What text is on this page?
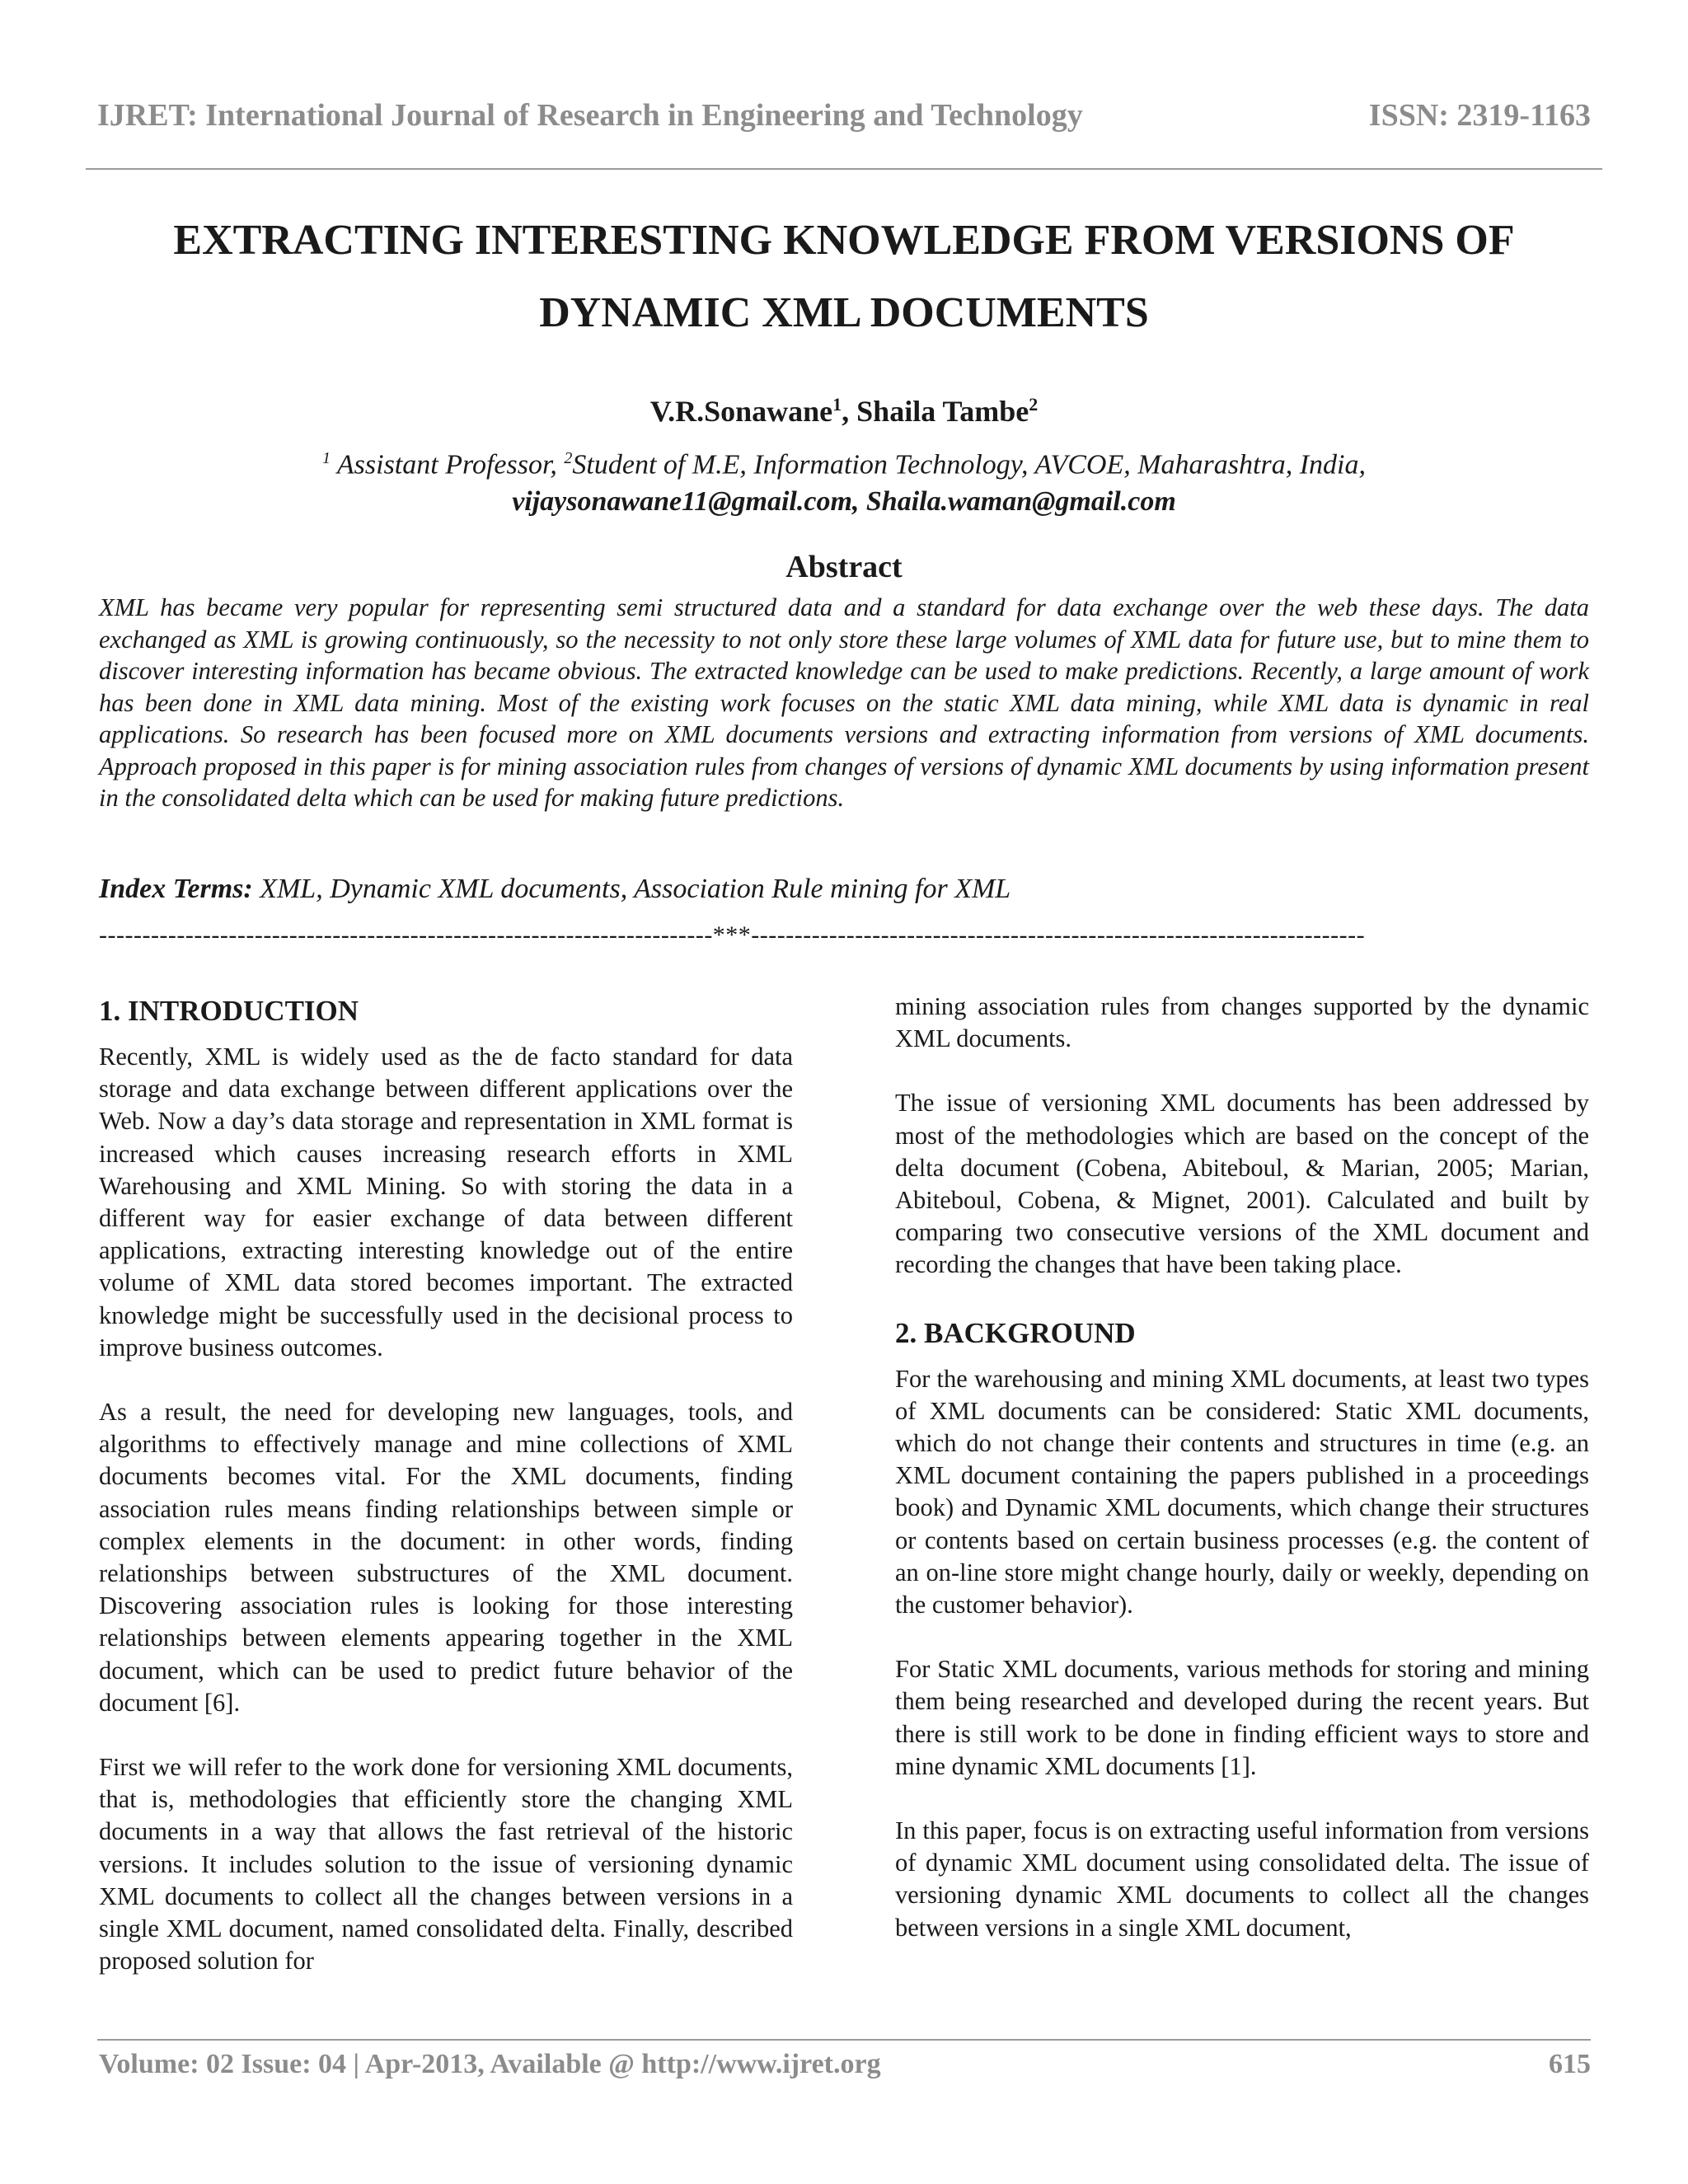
IJRET: International Journal of Research in Engineering and Technology	ISSN: 2319-1163
EXTRACTING INTERESTING KNOWLEDGE FROM VERSIONS OF
DYNAMIC XML DOCUMENTS
V.R.Sonawane$^1$, Shaila Tambe$^2$
$^1$ Assistant Professor, $^2$Student of M.E, Information Technology, AVCOE, Maharashtra, India,
vijaysonawane11@gmail.com, Shaila.waman@gmail.com
Abstract

XML has became very popular for representing semi structured data and a standard for data exchange over the web these days. The data exchanged as XML is growing continuously, so the necessity to not only store these large volumes of XML data for future use, but to mine them to discover interesting information has became obvious. The extracted knowledge can be used to make predictions. Recently, a large amount of work has been done in XML data mining. Most of the existing work focuses on the static XML data mining, while XML data is dynamic in real applications. So research has been focused more on XML documents versions and extracting information from versions of XML documents. Approach proposed in this paper is for mining association rules from changes of versions of dynamic XML documents by using information present in the consolidated delta which can be used for making future predictions.

Index Terms: XML, Dynamic XML documents, Association Rule mining for XML
-----------------------------------------------------------------------***-----------------------------------------------------------------------
1. INTRODUCTION

Recently, XML is widely used as the de facto standard for data storage and data exchange between different applications over the Web. Now a day’s data storage and representation in XML format is increased which causes increasing research efforts in XML Warehousing and XML Mining. So with storing the data in a different way for easier exchange of data between different applications, extracting interesting knowledge out of the entire volume of XML data stored becomes important. The extracted knowledge might be successfully used in the decisional process to improve business outcomes.

As a result, the need for developing new languages, tools, and algorithms to effectively manage and mine collections of XML documents becomes vital. For the XML documents, finding association rules means finding relationships between simple or complex elements in the document: in other words, finding relationships between substructures of the XML document. Discovering association rules is looking for those interesting relationships between elements appearing together in the XML document, which can be used to predict future behavior of the document [6].

First we will refer to the work done for versioning XML documents, that is, methodologies that efficiently store the changing XML documents in a way that allows the fast retrieval of the historic versions. It includes solution to the issue of versioning dynamic XML documents to collect all the changes between versions in a single XML document, named consolidated delta. Finally, described proposed solution for

mining association rules from changes supported by the dynamic XML documents.

The issue of versioning XML documents has been addressed by most of the methodologies which are based on the concept of the delta document (Cobena, Abiteboul, & Marian, 2005; Marian, Abiteboul, Cobena, & Mignet, 2001). Calculated and built by comparing two consecutive versions of the XML document and recording the changes that have been taking place.

2. BACKGROUND

For the warehousing and mining XML documents, at least two types of XML documents can be considered: Static XML documents, which do not change their contents and structures in time (e.g. an XML document containing the papers published in a proceedings book) and Dynamic XML documents, which change their structures or contents based on certain business processes (e.g. the content of an on-line store might change hourly, daily or weekly, depending on the customer behavior).

For Static XML documents, various methods for storing and mining them being researched and developed during the recent years. But there is still work to be done in finding efficient ways to store and mine dynamic XML documents [1].

In this paper, focus is on extracting useful information from versions of dynamic XML document using consolidated delta. The issue of versioning dynamic XML documents to collect all the changes between versions in a single XML document,

Volume: 02 Issue: 04 | Apr-2013, Available @ http://www.ijret.org	615
